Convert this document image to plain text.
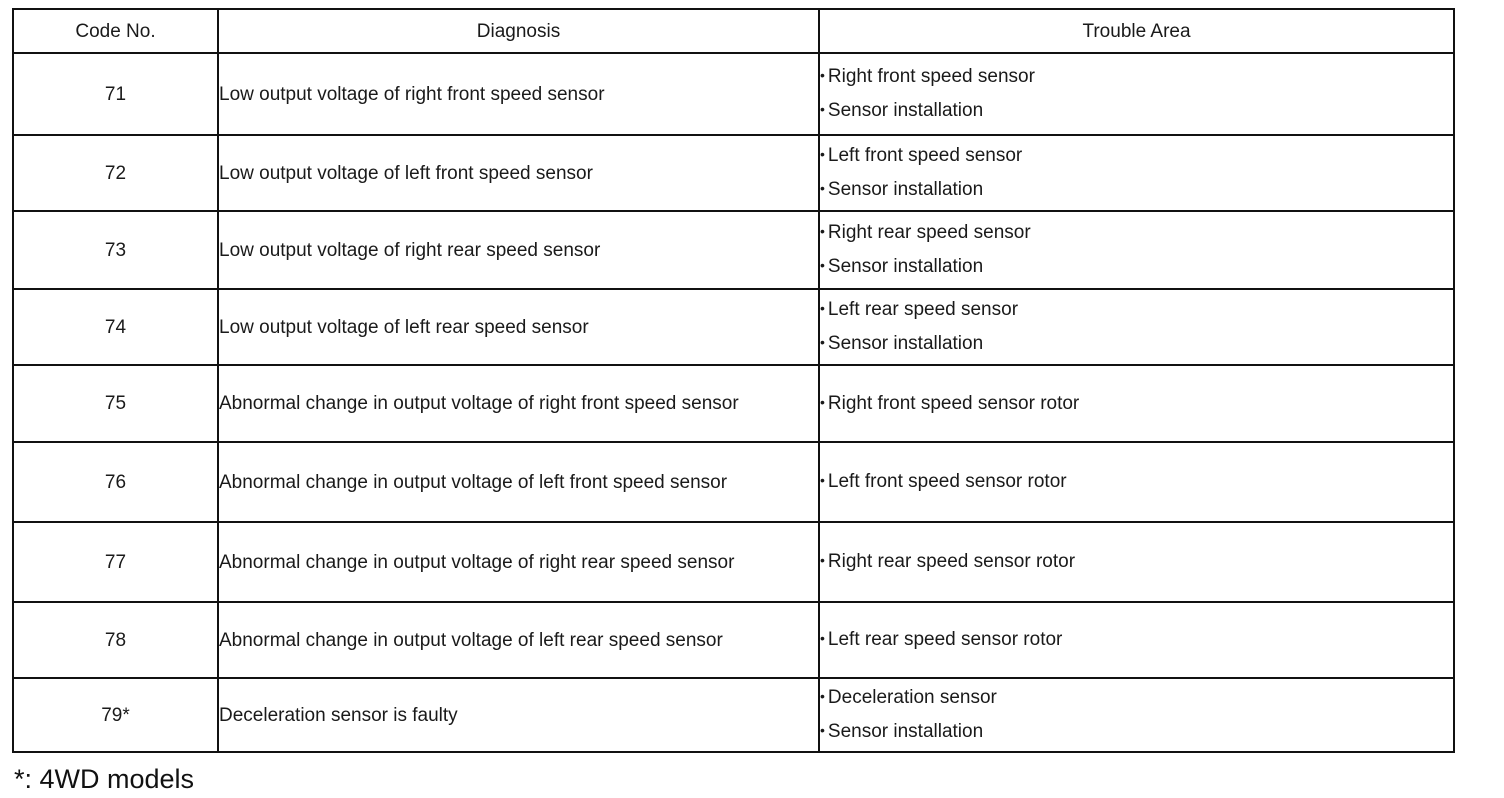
Code No.	Diagnosis	Trouble Area
71	Low output voltage of right front speed sensor	• Right front speed sensor
• Sensor installation

72	Low output voltage of left front speed sensor	• Left front speed sensor
• Sensor installation

73	Low output voltage of right rear speed sensor	• Right rear speed sensor
• Sensor installation

74	Low output voltage of left rear speed sensor	• Left rear speed sensor
• Sensor installation

75	Abnormal change in output voltage of right front speed sensor	• Right front speed sensor rotor

76	Abnormal change in output voltage of left front speed sensor	• Left front speed sensor rotor

77	Abnormal change in output voltage of right rear speed sensor	• Right rear speed sensor rotor

78	Abnormal change in output voltage of left rear speed sensor	• Left rear speed sensor rotor

79*	Deceleration sensor is faulty	• Deceleration sensor
• Sensor installation
*: 4WD models
